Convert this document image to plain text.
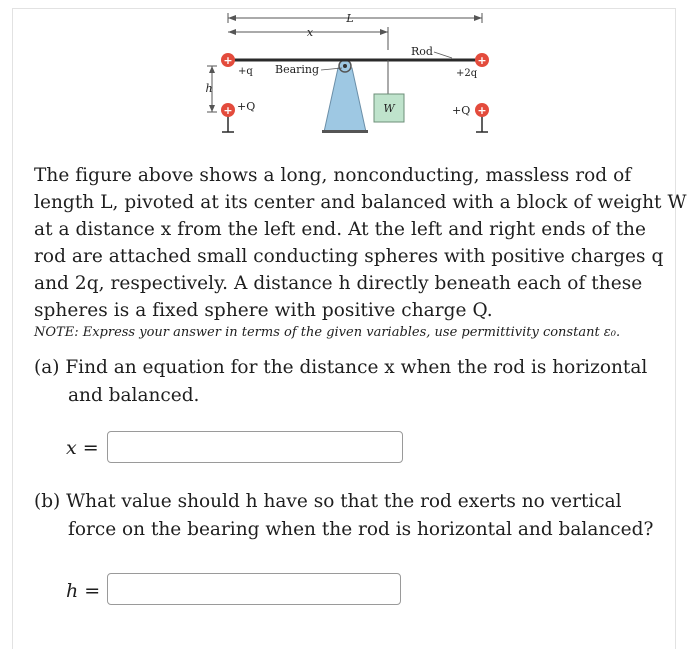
L
x
Bearing
Rod
W
+
+q
+
+2q
h
+ +Q	+
+Q
The figure above shows a long, nonconducting, massless rod of
length L, pivoted at its center and balanced with a block of weight W
at a distance x from the left end. At the left and right ends of the
rod are attached small conducting spheres with positive charges q
and 2q, respectively. A distance h directly beneath each of these
spheres is a fixed sphere with positive charge Q.
NOTE: Express your answer in terms of the given variables, use permittivity constant ε₀.
(a) Find an equation for the distance x when the rod is horizontal
and balanced.
x =
(b) What value should h have so that the rod exerts no vertical
force on the bearing when the rod is horizontal and balanced?
h =
